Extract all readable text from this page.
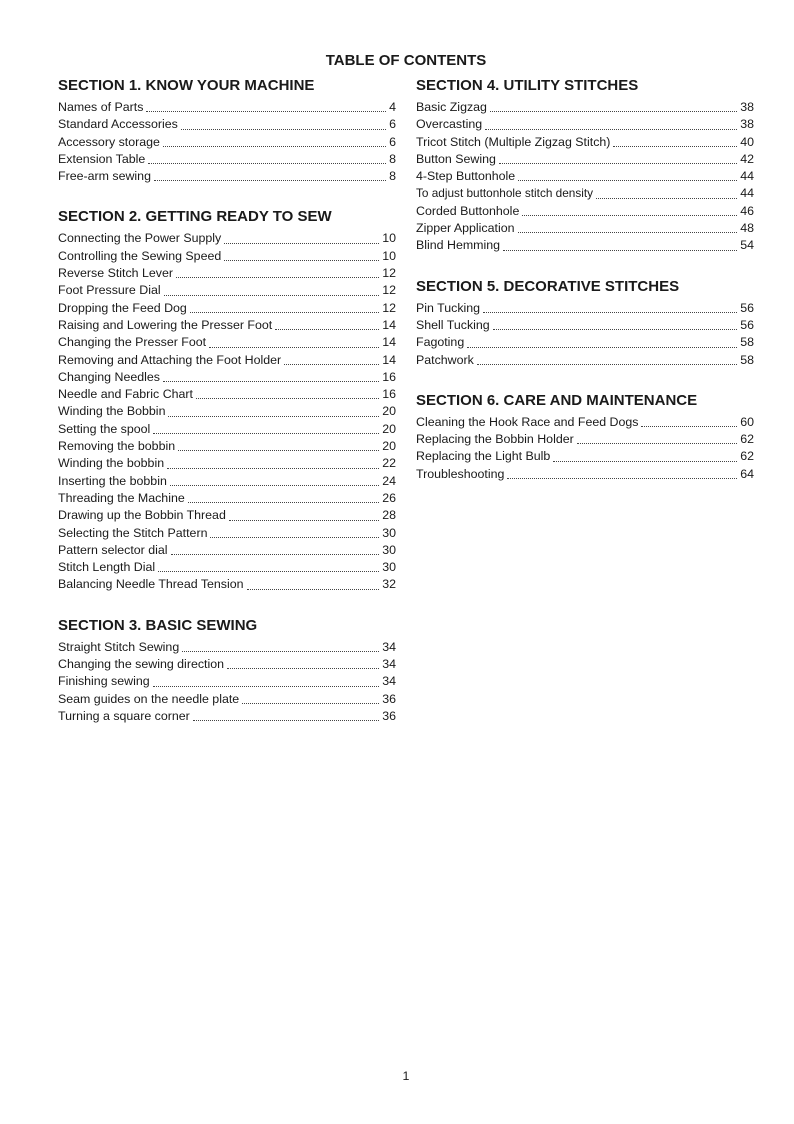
TABLE OF CONTENTS
SECTION 1. KNOW YOUR MACHINE
Names of Parts	4
Standard Accessories	6
Accessory storage	6
Extension Table	8
Free-arm sewing	8
SECTION 2. GETTING READY TO SEW
Connecting the Power Supply	10
Controlling the Sewing Speed	10
Reverse Stitch Lever	12
Foot Pressure Dial	12
Dropping the Feed Dog	12
Raising and Lowering the Presser Foot	14
Changing the Presser Foot	14
Removing and Attaching the Foot Holder	14
Changing Needles	16
Needle and Fabric Chart	16
Winding the Bobbin	20
Setting the spool	20
Removing the bobbin	20
Winding the bobbin	22
Inserting the bobbin	24
Threading the Machine	26
Drawing up the Bobbin Thread	28
Selecting the Stitch Pattern	30
Pattern selector dial	30
Stitch Length Dial	30
Balancing Needle Thread Tension	32
SECTION 3. BASIC SEWING
Straight Stitch Sewing	34
Changing the sewing direction	34
Finishing sewing	34
Seam guides on the needle plate	36
Turning a square corner	36
SECTION 4. UTILITY STITCHES
Basic Zigzag	38
Overcasting	38
Tricot Stitch (Multiple Zigzag Stitch)	40
Button Sewing	42
4-Step Buttonhole	44
To adjust buttonhole stitch density	44
Corded Buttonhole	46
Zipper Application	48
Blind Hemming	54
SECTION 5. DECORATIVE STITCHES
Pin Tucking	56
Shell Tucking	56
Fagoting	58
Patchwork	58
SECTION 6. CARE AND MAINTENANCE
Cleaning the Hook Race and Feed Dogs	60
Replacing the Bobbin Holder	62
Replacing the Light Bulb	62
Troubleshooting	64
1
